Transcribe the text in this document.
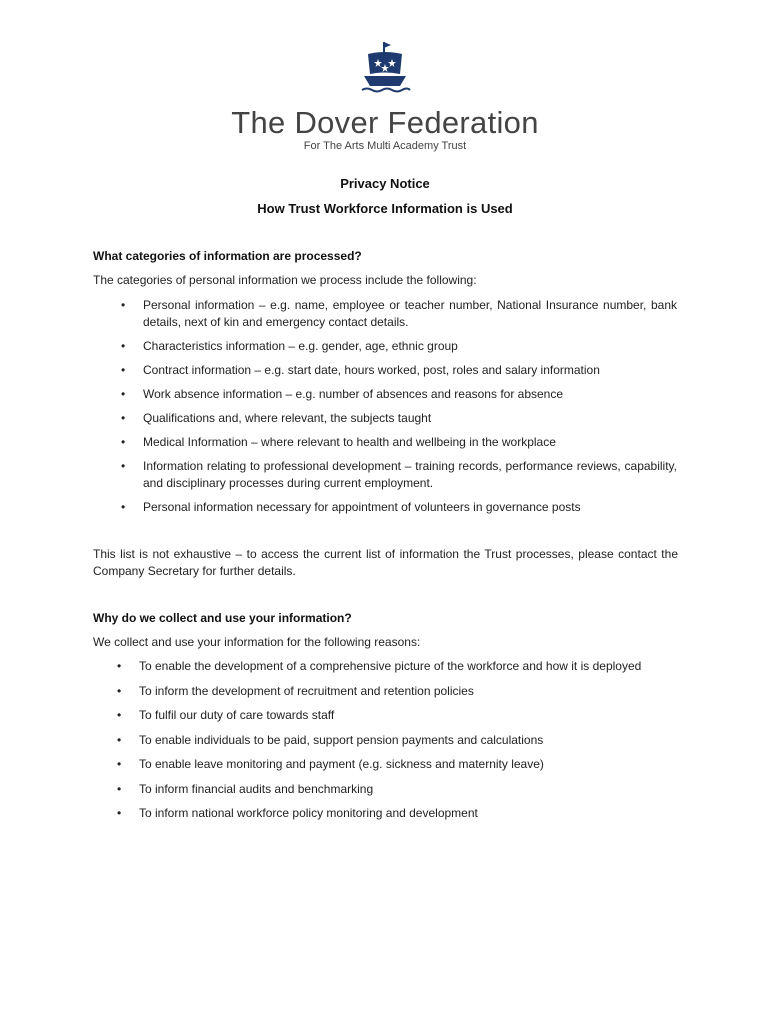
The Dover Federation
For The Arts Multi Academy Trust
Privacy Notice
How Trust Workforce Information is Used
What categories of information are processed?
The categories of personal information we process include the following:
• Personal information – e.g. name, employee or teacher number, National Insurance number, bank details, next of kin and emergency contact details.
• Characteristics information – e.g. gender, age, ethnic group
• Contract information – e.g. start date, hours worked, post, roles and salary information
• Work absence information – e.g. number of absences and reasons for absence
• Qualifications and, where relevant, the subjects taught
• Medical Information – where relevant to health and wellbeing in the workplace
• Information relating to professional development – training records, performance reviews, capability, and disciplinary processes during current employment.
• Personal information necessary for appointment of volunteers in governance posts
This list is not exhaustive – to access the current list of information the Trust processes, please contact the Company Secretary for further details.
Why do we collect and use your information?
We collect and use your information for the following reasons:
• To enable the development of a comprehensive picture of the workforce and how it is deployed
• To inform the development of recruitment and retention policies
• To fulfil our duty of care towards staff
• To enable individuals to be paid, support pension payments and calculations
• To enable leave monitoring and payment (e.g. sickness and maternity leave)
• To inform financial audits and benchmarking
• To inform national workforce policy monitoring and development
